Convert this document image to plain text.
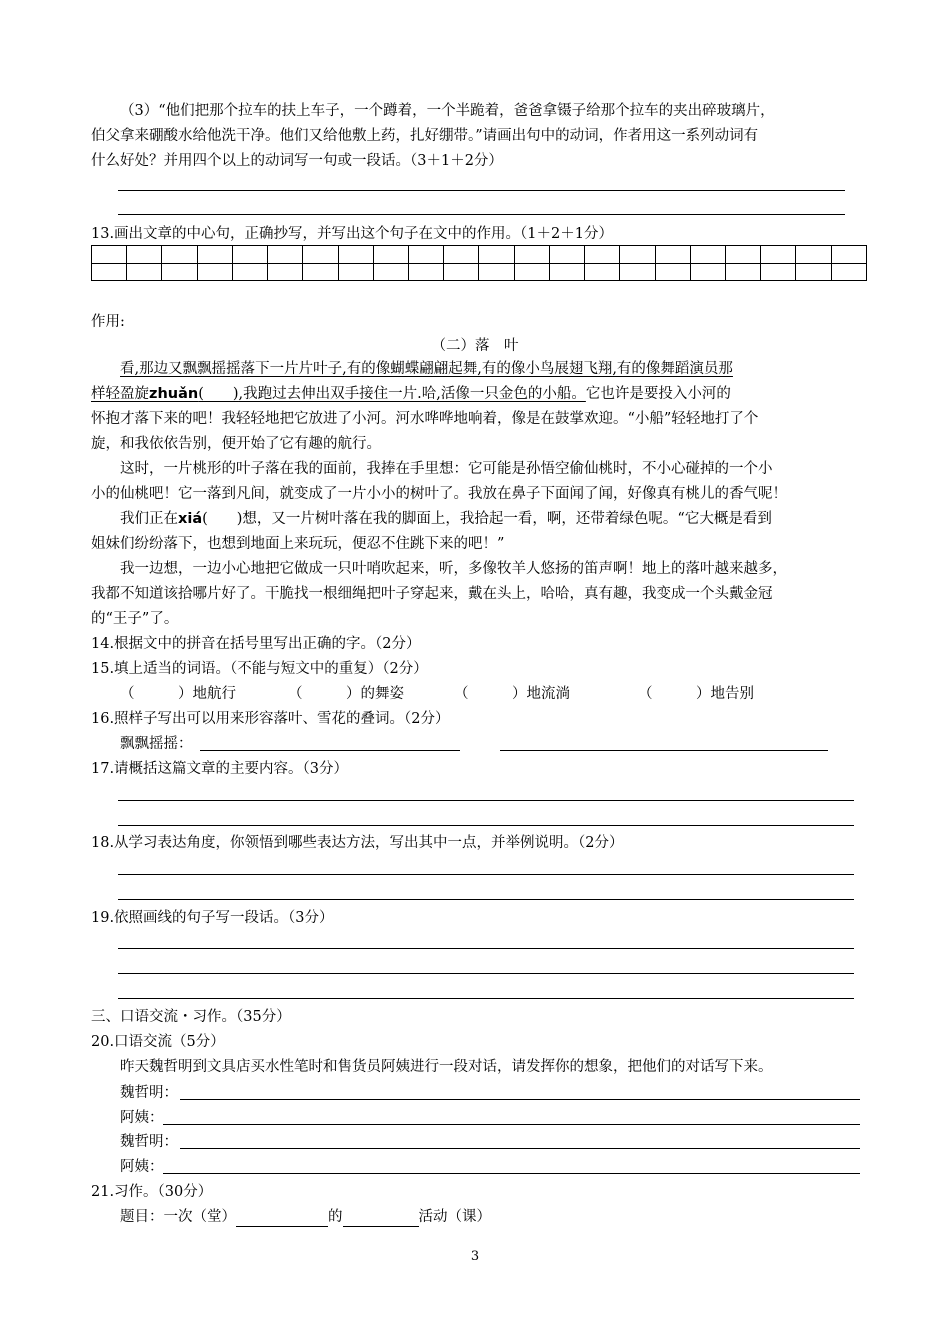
（3）“他们把那个拉车的扶上车子，一个蹲着，一个半跪着，爸爸拿镊子给那个拉车的夹出碎玻璃片，
伯父拿来硼酸水给他洗干净。他们又给他敷上药，扎好绷带。”请画出句中的动词，作者用这一系列动词有
什么好处？并用四个以上的动词写一句或一段话。（3＋1＋2分）
13.画出文章的中心句，正确抄写，并写出这个句子在文中的作用。（1＋2＋1分）

作用:
（二）落　叶
看,那边又飘飘摇摇落下一片片叶子,有的像蝴蝶翩翩起舞,有的像小鸟展翅飞翔,有的像舞蹈演员那
样轻盈旋zhuǎn(　　),我跑过去伸出双手接住一片.哈,活像一只金色的小船。它也许是要投入小河的
怀抱才落下来的吧！我轻轻地把它放进了小河。河水哗哗地响着，像是在鼓掌欢迎。“小船”轻轻地打了个
旋，和我依依告别，便开始了它有趣的航行。
这时，一片桃形的叶子落在我的面前，我捧在手里想：它可能是孙悟空偷仙桃时，不小心碰掉的一个小
小的仙桃吧！它一落到凡间，就变成了一片小小的树叶了。我放在鼻子下面闻了闻，好像真有桃儿的香气呢！
我们正在xiá(　　)想，又一片树叶落在我的脚面上，我拾起一看，啊，还带着绿色呢。“它大概是看到
姐妹们纷纷落下，也想到地面上来玩玩，便忍不住跳下来的吧！”
我一边想，一边小心地把它做成一只叶哨吹起来，听，多像牧羊人悠扬的笛声啊！地上的落叶越来越多，
我都不知道该拾哪片好了。干脆找一根细绳把叶子穿起来，戴在头上，哈哈，真有趣，我变成一个头戴金冠
的“王子”了。
14.根据文中的拼音在括号里写出正确的字。（2分）
15.填上适当的词语。（不能与短文中的重复）（2分）
（　　　）地航行	（　　　）的舞姿	（　　　）地流淌	（　　　）地告别
16.照样子写出可以用来形容落叶、雪花的叠词。（2分）
飘飘摇摇：
17.请概括这篇文章的主要内容。（3分）
18.从学习表达角度，你领悟到哪些表达方法，写出其中一点，并举例说明。（2分）
19.依照画线的句子写一段话。（3分）
三、口语交流・习作。（35分）
20.口语交流（5分）
昨天魏哲明到文具店买水性笔时和售货员阿姨进行一段对话，请发挥你的想象，把他们的对话写下来。
魏哲明：
阿姨：
魏哲明：
阿姨：
21.习作。（30分）
题目：一次（堂）	的	活动（课）
3
